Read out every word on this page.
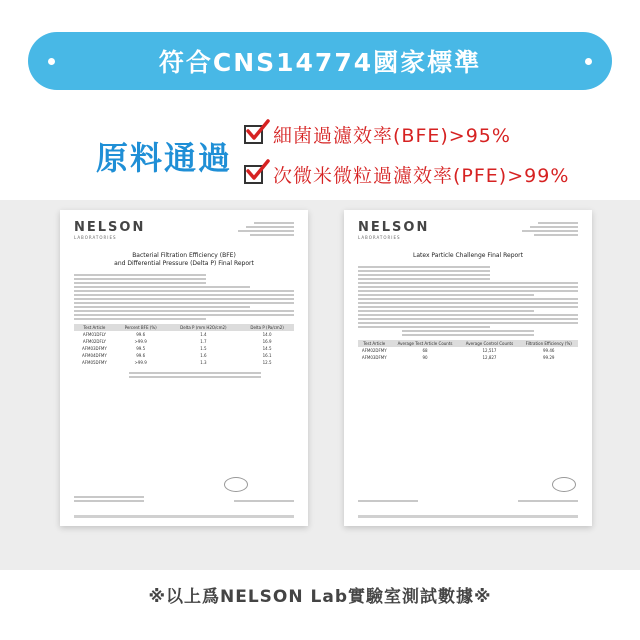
符合CNS14774國家標準
原料通過
細菌過濾效率(BFE)>95%
次微米微粒過濾效率(PFE)>99%
NELSON
LABORATORIES
Bacterial Filtration Efficiency (BFE)
and Differential Pressure (Delta P) Final Report
Test Article	Percent BFE (%)	Delta P (mm H2O/cm2)	Delta P (Pa/cm2)
AFM01DFLY	99.6	1.4	14.0
AFM02DFLY	>99.9	1.7	16.9
AFM03DFMY	99.5	1.5	14.5
AFM04DFMY	99.6	1.6	16.1
AFM05DFMY	>99.9	1.3	12.5
NELSON
LABORATORIES
Latex Particle Challenge Final Report
Test Article	Average Test Article Counts	Average Control Counts	Filtration Efficiency (%)
AFM02DFMY	68	12,517	99.46
AFM03DFMY	90	12,827	99.29
※以上爲NELSON Lab實驗室測試數據※
